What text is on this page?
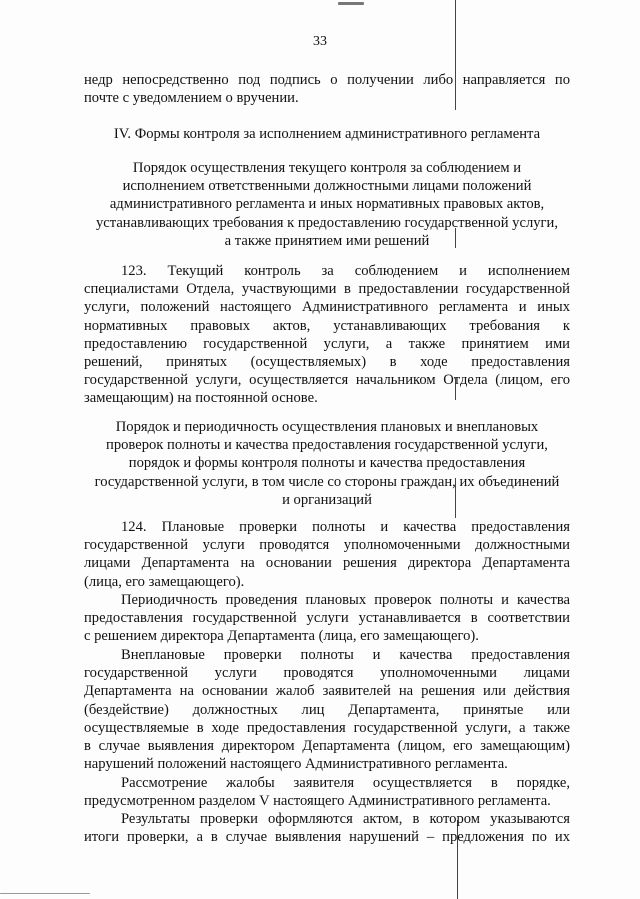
33
недр непосредственно под подпись о получении либо направляется по
почте с уведомлением о вручении.
IV. Формы контроля за исполнением административного регламента
Порядок осуществления текущего контроля за соблюдением и
исполнением ответственными должностными лицами положений
административного регламента и иных нормативных правовых актов,
устанавливающих требования к предоставлению государственной услуги,
а также принятием ими решений
123. Текущий контроль за соблюдением и исполнением
специалистами Отдела, участвующими в предоставлении государственной
услуги, положений настоящего Административного регламента и иных
нормативных правовых актов, устанавливающих требования к
предоставлению государственной услуги, а также принятием ими
решений, принятых (осуществляемых) в ходе предоставления
государственной услуги, осуществляется начальником Отдела (лицом, его
замещающим) на постоянной основе.
Порядок и периодичность осуществления плановых и внеплановых
проверок полноты и качества предоставления государственной услуги,
порядок и формы контроля полноты и качества предоставления
государственной услуги, в том числе со стороны граждан, их объединений
и организаций
124. Плановые проверки полноты и качества предоставления
государственной услуги проводятся уполномоченными должностными
лицами Департамента на основании решения директора Департамента
(лица, его замещающего).
Периодичность проведения плановых проверок полноты и качества
предоставления государственной услуги устанавливается в соответствии
с решением директора Департамента (лица, его замещающего).
Внеплановые проверки полноты и качества предоставления
государственной услуги проводятся уполномоченными лицами
Департамента на основании жалоб заявителей на решения или действия
(бездействие) должностных лиц Департамента, принятые или
осуществляемые в ходе предоставления государственной услуги, а также
в случае выявления директором Департамента (лицом, его замещающим)
нарушений положений настоящего Административного регламента.
Рассмотрение жалобы заявителя осуществляется в порядке,
предусмотренном разделом V настоящего Административного регламента.
Результаты проверки оформляются актом, в котором указываются
итоги проверки, а в случае выявления нарушений – предложения по их
